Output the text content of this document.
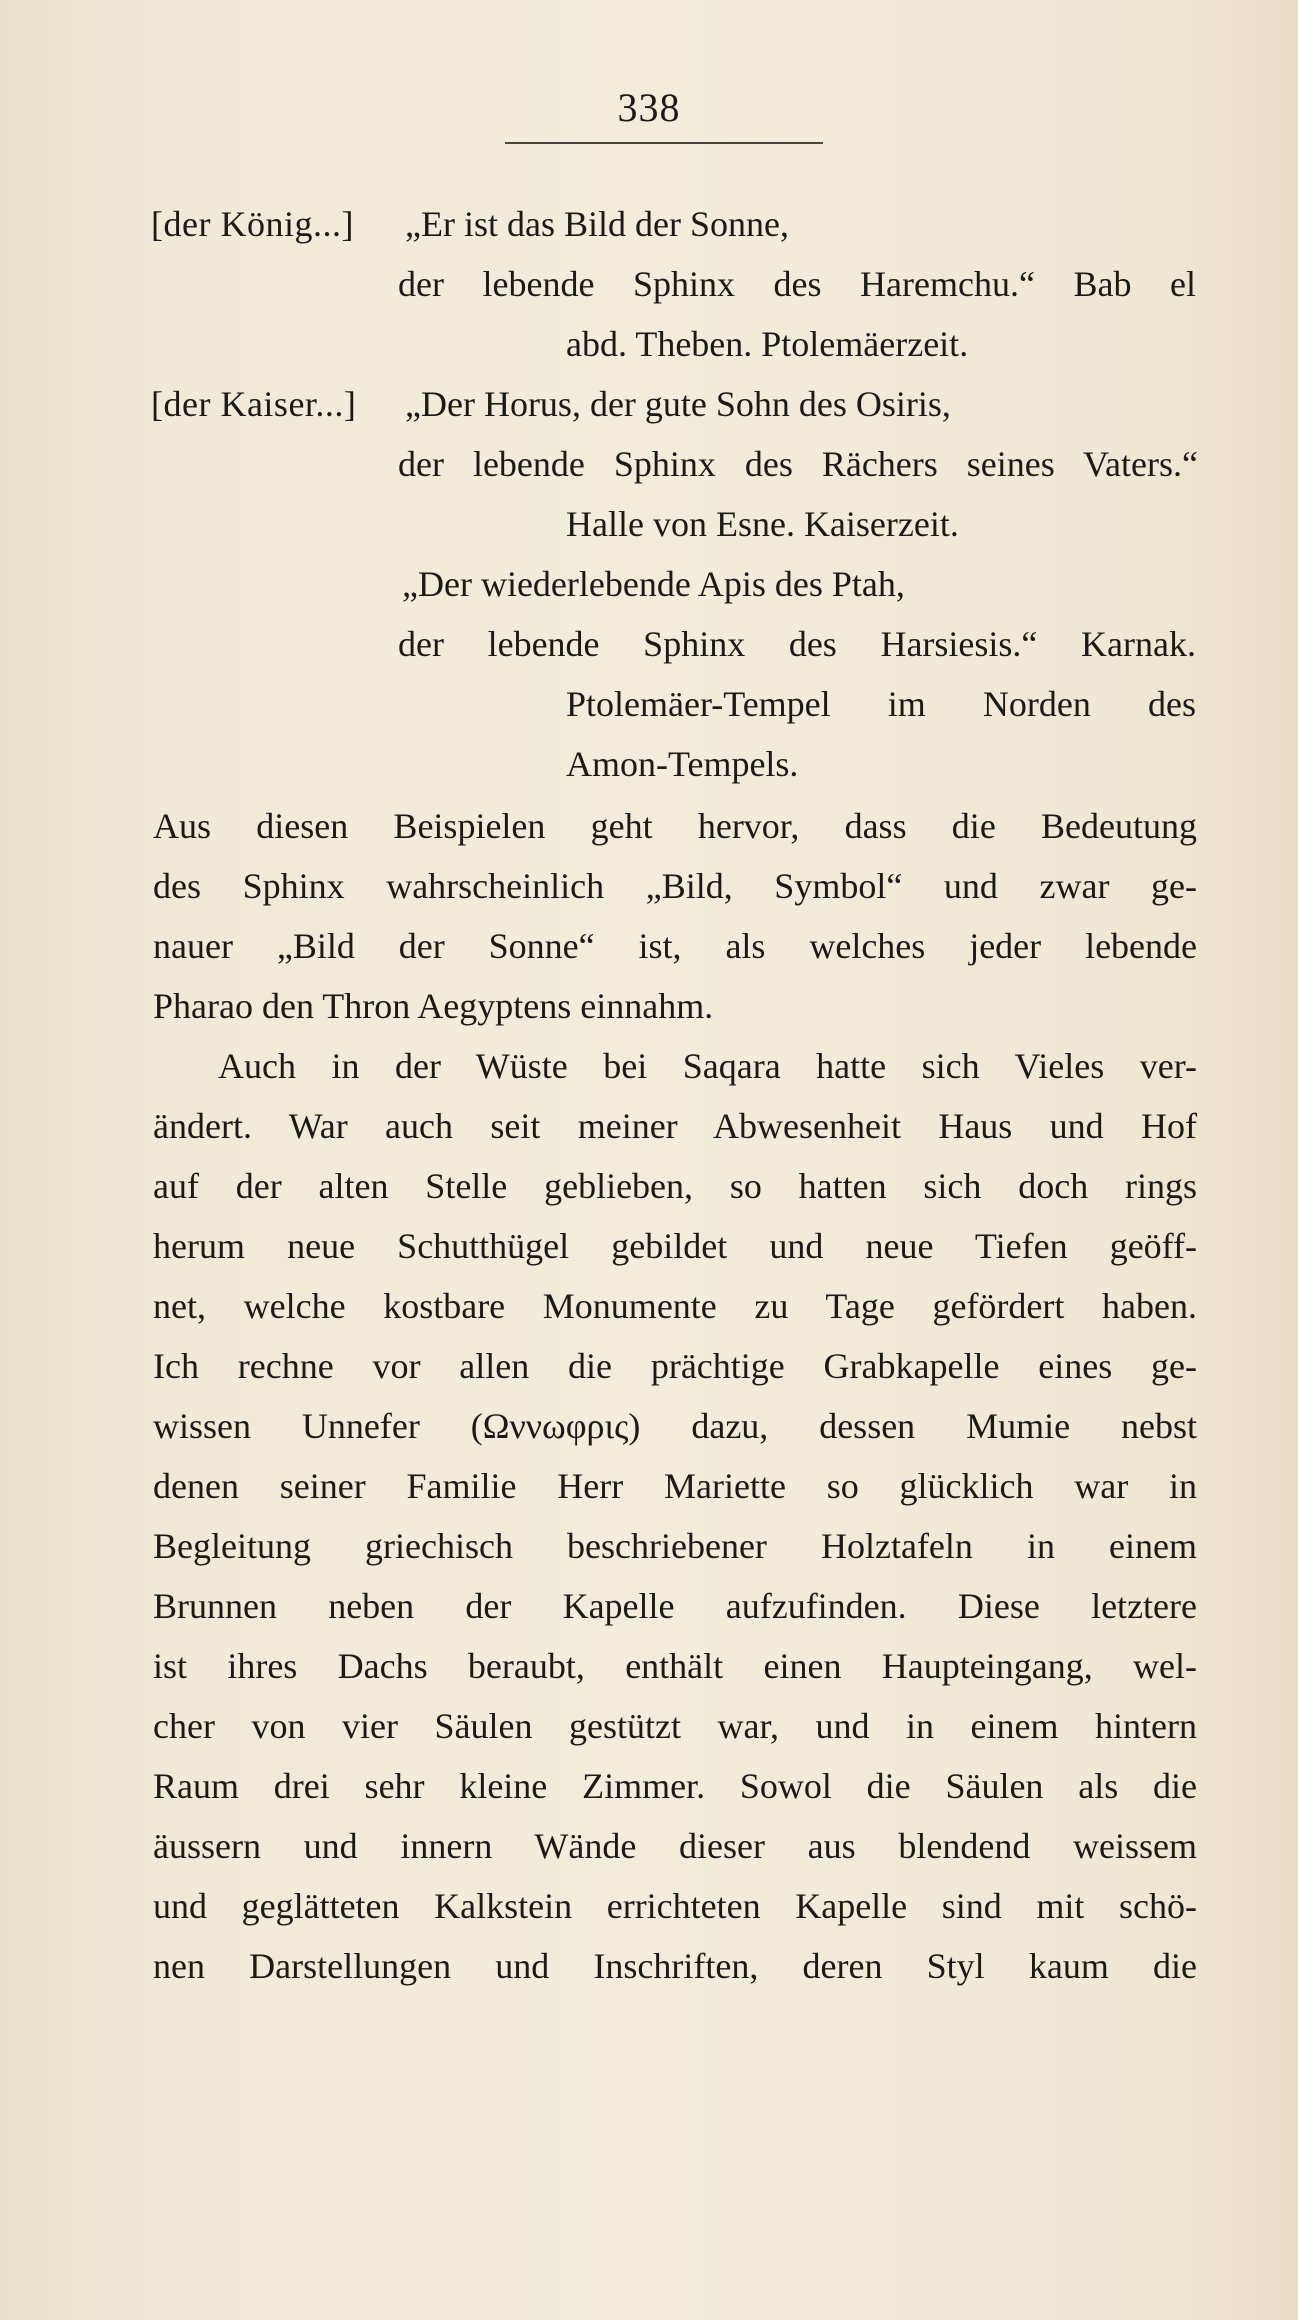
338
[der König...] „Er ist das Bild der Sonne,
der lebende Sphinx des Haremchu.“ Bab el
abd. Theben. Ptolemäerzeit.
[der Kaiser...] „Der Horus, der gute Sohn des Osiris,
der lebende Sphinx des Rächers seines Vaters.“
Halle von Esne. Kaiserzeit.
„Der wiederlebende Apis des Ptah,
der lebende Sphinx des Harsiesis.“ Karnak.
Ptolemäer-Tempel im Norden des
Amon-Tempels.
Aus diesen Beispielen geht hervor, dass die Bedeutung
des Sphinx wahrscheinlich „Bild, Symbol“ und zwar ge-
nauer „Bild der Sonne“ ist, als welches jeder lebende
Pharao den Thron Aegyptens einnahm.
Auch in der Wüste bei Saqara hatte sich Vieles ver-
ändert. War auch seit meiner Abwesenheit Haus und Hof
auf der alten Stelle geblieben, so hatten sich doch rings
herum neue Schutthügel gebildet und neue Tiefen geöff-
net, welche kostbare Monumente zu Tage gefördert haben.
Ich rechne vor allen die prächtige Grabkapelle eines ge-
wissen Unnefer (Ωννωφρις) dazu, dessen Mumie nebst
denen seiner Familie Herr Mariette so glücklich war in
Begleitung griechisch beschriebener Holztafeln in einem
Brunnen neben der Kapelle aufzufinden. Diese letztere
ist ihres Dachs beraubt, enthält einen Haupteingang, wel-
cher von vier Säulen gestützt war, und in einem hintern
Raum drei sehr kleine Zimmer. Sowol die Säulen als die
äussern und innern Wände dieser aus blendend weissem
und geglätteten Kalkstein errichteten Kapelle sind mit schö-
nen Darstellungen und Inschriften, deren Styl kaum die
